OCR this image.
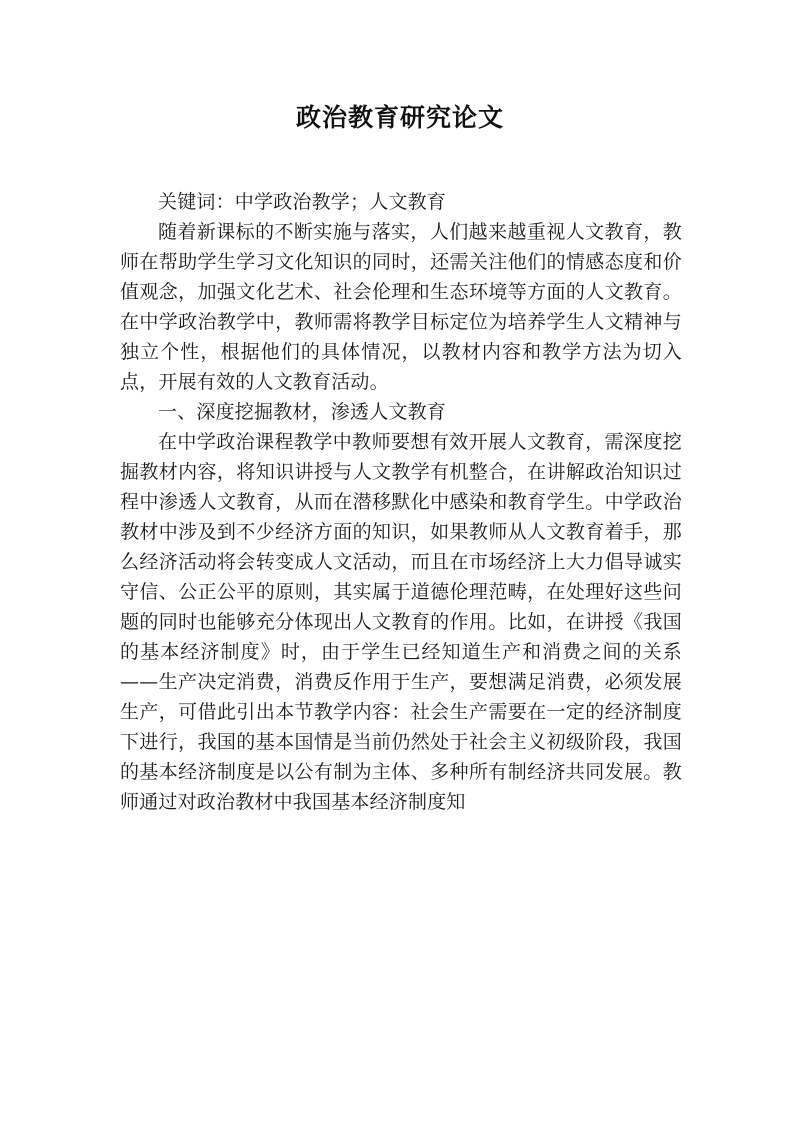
政治教育研究论文

关键词：中学政治教学；人文教育

随着新课标的不断实施与落实，人们越来越重视人文教育，教师在帮助学生学习文化知识的同时，还需关注他们的情感态度和价值观念，加强文化艺术、社会伦理和生态环境等方面的人文教育。在中学政治教学中，教师需将教学目标定位为培养学生人文精神与独立个性，根据他们的具体情况，以教材内容和教学方法为切入点，开展有效的人文教育活动。

一、深度挖掘教材，渗透人文教育

在中学政治课程教学中教师要想有效开展人文教育，需深度挖掘教材内容，将知识讲授与人文教学有机整合，在讲解政治知识过程中渗透人文教育，从而在潜移默化中感染和教育学生。中学政治教材中涉及到不少经济方面的知识，如果教师从人文教育着手，那么经济活动将会转变成人文活动，而且在市场经济上大力倡导诚实守信、公正公平的原则，其实属于道德伦理范畴，在处理好这些问题的同时也能够充分体现出人文教育的作用。比如，在讲授《我国的基本经济制度》时，由于学生已经知道生产和消费之间的关系——生产决定消费，消费反作用于生产，要想满足消费，必须发展生产，可借此引出本节教学内容：社会生产需要在一定的经济制度下进行，我国的基本国情是当前仍然处于社会主义初级阶段，我国的基本经济制度是以公有制为主体、多种所有制经济共同发展。教师通过对政治教材中我国基本经济制度知
